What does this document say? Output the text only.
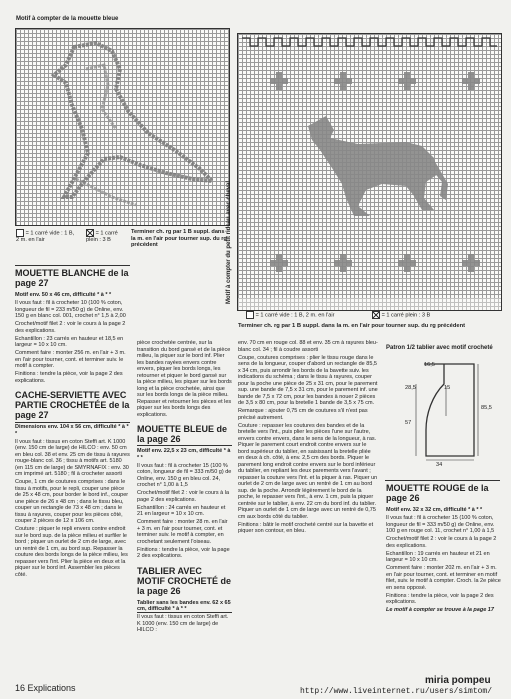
Motif à compter de la mouette bleue
= 1 carré vide : 1 B, 2 m. en l'air
= 1 carré plein : 3 B
Terminer ch. rg par 1 B suppl. dans la m. en l'air pour tourner sup. du rg précédent	Motif à compter du petit rideau avec cheval
= 1 carré vide : 1 B, 2 m. en l'air	= 1 carré plein : 3 B
Terminer ch. rg par 1 B suppl. dans la m. en l'air pour tourner sup. du rg précédent
MOUETTE BLANCHE de la page 27

Motif env. 50 x 46 cm, difficulté * à * *

Il vous faut : fil à crocheter 10 (100 % coton, longueur de fil = 233 m/50 g) de Online, env. 150 g en blanc col. 001, crochet n° 1,5 à 2,00

Crochet/motif filet 2 : voir le cours à la page 2 des explications.

Echantillon : 23 carrés en hauteur et 18,5 en largeur = 10 x 10 cm.

Comment faire : monter 256 m. en l'air + 3 m. en l'air pour tourner, cont. et terminer suiv. le motif à compter.

Finitions : tendre la pièce, voir la page 2 des explications.

CACHE-SERVIETTE AVEC PARTIE CROCHETÉE de la page 27

Dimensions env. 104 x 56 cm, difficulté * à * *

Il vous faut : tissus en coton Steffi art. K 1000 (env. 150 cm de large) de HILCO : env. 50 cm en bleu col. 38 et env. 25 cm de tissu à rayures rouge-blanc col. 36 ; tissu à motifs art. 5180 (en 115 cm de large) de SMYRNAFIX : env. 30 cm imprimé art. 5180 ; fil à crocheter assorti

Coupe, 1 cm de coutures comprises : dans le tissu à motifs, pour le repli, couper une pièce de 25 x 48 cm, pour border le bord inf., couper une pièce de 26 x 48 cm ; dans le tissu bleu, couper un rectangle de 73 x 48 cm ; dans le tissu à rayures, couper pour les pièces côté, couper 2 pièces de 12 x 106 cm.

Couture : piquer le repli envers contre endroit sur le bord sup. de la pièce milieu et surfiler le bord ; piquer un ourlet de 2 cm de large, avec un rentré de 1 cm, au bord sup. Repasser la couture des bords longs de la pièce milieu, les repasser vers l'int. Plier la pièce en deux et la piquer sur le bord inf. Assembler les pièces côté.

pièce crochetée centrée, sur la transition du bord gansé et de la pièce milieu, la piquer sur le bord inf. Plier les bandes rayées envers contre envers, piquer les bords longs, les retourner et piquer le bord gansé sur la pièce milieu, les piquer sur les bords long et la pièce crochetée, ainsi que sur les bords longs de la pièce milieu. Repasser et retourner les pièces et les piquer sur les bords longs des explications.

MOUETTE BLEUE de la page 26

Motif env. 22,5 x 23 cm, difficulté * à * *

Il vous faut : fil à crocheter 15 (100 % coton, longueur de fil = 333 m/50 g) de Online, env. 150 g en bleu col. 24, crochet n° 1,00 à 1,5

Crochet/motif filet 2 : voir le cours à la page 2 des explications.

Echantillon : 24 carrés en hauteur et 21 en largeur = 10 x 10 cm.

Comment faire : monter 28 m. en l'air + 3 m. en l'air pour tourner, cont. et terminer suiv. le motif à compter, en crochetant seulement l'oiseau.

Finitions : tendre la pièce, voir la page 2 des explications.

TABLIER AVEC MOTIF CROCHETÉ de la page 26

Tablier sans les bandes env. 62 x 65 cm, difficulté * à * *

Il vous faut : tissus en coton Steffi art. K 1000 (env. 150 cm de large) de HILCO :

env. 70 cm en rouge col. 88 et env. 35 cm à rayures bleu-blanc col. 34 ; fil à coudre assorti

Coupe, coutures comprises : plier le tissu rouge dans le sens de la longueur, couper d'abord un rectangle de 85,5 x 34 cm, puis arrondir les bords de la bavette suiv. les indications du schéma ; dans le tissu à rayures, couper pour la poche une pièce de 25 x 31 cm, pour le parement sup. une bande de 7,5 x 31 cm, pour le parement inf. une bande de 7,5 x 72 cm, pour les bandes à nouer 2 pièces de 3,5 x 80 cm, pour la bretelle 1 bande de 3,5 x 75 cm.

Remarque : ajouter 0,75 cm de coutures s'il n'est pas précisé autrement.

Couture : repasser les coutures des bandes et de la bretelle vers l'int., puis plier les pièces l'une sur l'autre, envers contre envers, dans le sens de la longueur, à ras. Piquer le parement court endroit contre envers sur le bord supérieur du tablier, en saisissant la bretelle pliée en deux à ch. côté, à env. 2,5 cm des bords. Piquer le parement long endroit contre envers sur le bord inférieur du tablier, en repliant les deux parements vers l'avant ; repasser la couture vers l'int. et la piquer à ras. Piquer un ourlet de 2 cm de large avec un rentré de 1 cm au bord sup. de la poche. Arrondir légèrement le bord de la poche, le repasser vers l'int., à env. 1 cm, puis la piquer centrée sur le tablier, à env. 22 cm du bord inf. du tablier. Piquer un ourlet de 1 cm de large avec un rentré de 0,75 cm aux bords côté du tablier.

Finitions : bâtir le motif crocheté centré sur la bavette et piquer son contour, en bleu.

Patron 1/2 tablier avec motif crocheté
16,5
15
28,5
85,5
57
34
MOUETTE ROUGE de la page 26

Motif env. 32 x 32 cm, difficulté * à * *

Il vous faut : fil à crocheter 15 (100 % coton, longueur de fil = 333 m/50 g) de Online, env. 100 g en rouge col. 11, crochet n° 1,00 à 1,5

Crochet/motif filet 2 : voir le cours à la page 2 des explications.

Echantillon : 19 carrés en hauteur et 21 en largeur = 10 x 10 cm.

Comment faire : monter 202 m. en l'air + 3 m. en l'air pour tourner, cont. et terminer en motif filet, suiv. le motif à compter. Croch. la 2e pièce en sens opposé.

Finitions : tendre la pièce, voir la page 2 des explications.

Le motif à compter se trouve à la page 17

16 Explications
miria pompeu
http://www.liveinternet.ru/users/simtom/
